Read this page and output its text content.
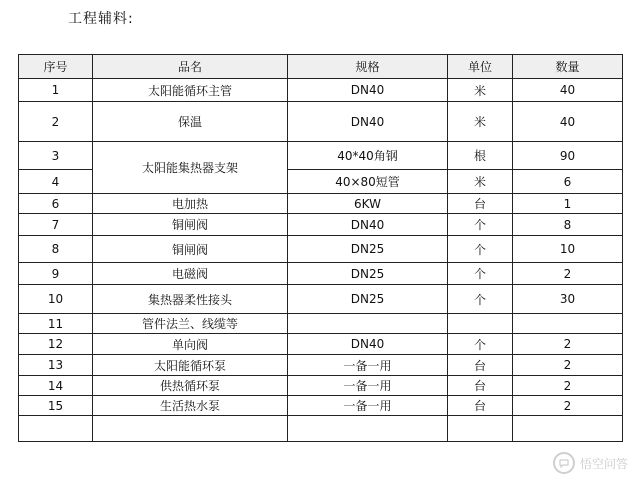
工程辅料:
序号	品名	规格	单位	数量
1	太阳能循环主管	DN40	米	40
2	保温	DN40	米	40
3	太阳能集热器支架	40*40角钢	根	90
4		40×80短管	米	6
6	电加热	6KW	台	1
7	铜闸阀	DN40	个	8
8	铜闸阀	DN25	个	10
9	电磁阀	DN25	个	2
10	集热器柔性接头	DN25	个	30
11	管件法兰、线缆等			
12	单向阀	DN40	个	2
13	太阳能循环泵	一备一用	台	2
14	供热循环泵	一备一用	台	2
15	生活热水泵	一备一用	台	2

悟空问答
